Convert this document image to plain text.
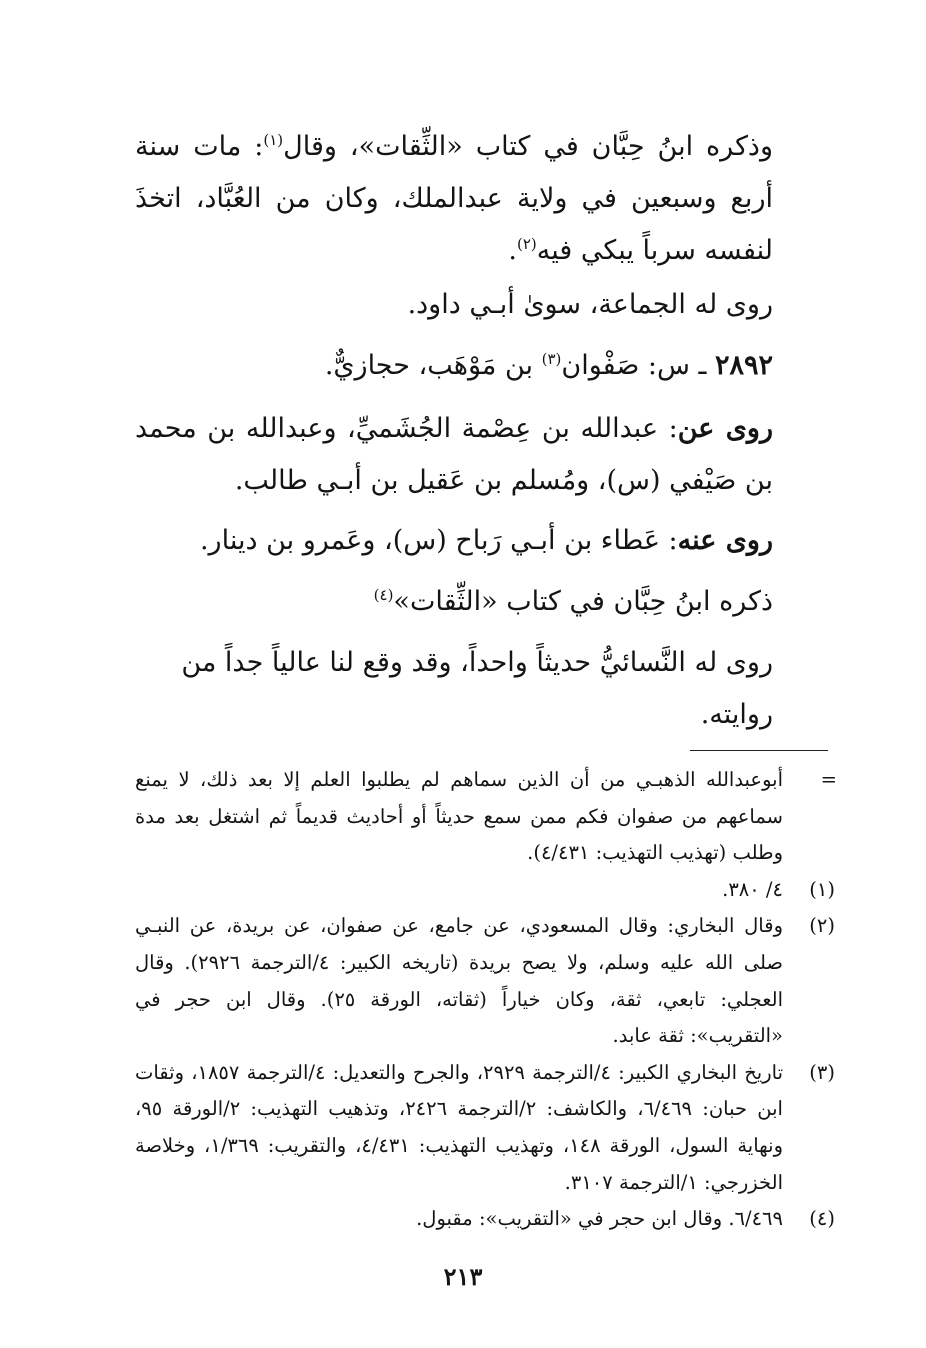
وذكره ابنُ حِبَّان في كتاب «الثِّقات»، وقال$^{(١)}$: مات سنة أربع وسبعين في ولاية عبدالملك، وكان من العُبَّاد، اتخذَ لنفسه سرباً يبكي فيه$^{(٢)}$.

روى له الجماعة، سوىٰ أبـي داود.

٢٨٩٢ ـ س: صَفْوان$^{(٣)}$ بن مَوْهَب، حجازيٌّ.

روى عن: عبدالله بن عِصْمة الجُشَميِّ، وعبدالله بن محمد بن صَيْفي (س)، ومُسلم بن عَقيل بن أبـي طالب.

روى عنه: عَطاء بن أبـي رَباح (س)، وعَمرو بن دينار.

ذكره ابنُ حِبَّان في كتاب «الثِّقات»$^{(٤)}$

روى له النَّسائيُّ حديثاً واحداً، وقد وقع لنا عالياً جداً من روايته.

=

أبوعبدالله الذهبـي من أن الذين سماهم لم يطلبوا العلم إلا بعد ذلك، لا يمنع سماعهم من صفوان فكم ممن سمع حديثاً أو أحاديث قديماً ثم اشتغل بعد مدة وطلب (تهذيب التهذيب: ٤/٤٣١).

(١)

٤/ ٣٨٠.

(٢)

وقال البخاري: وقال المسعودي، عن جامع، عن صفوان، عن بريدة، عن النبـي صلى الله عليه وسلم، ولا يصح بريدة (تاريخه الكبير: ٤/الترجمة ٢٩٢٦). وقال العجلي: تابعي، ثقة، وكان خياراً (ثقاته، الورقة ٢٥). وقال ابن حجر في «التقريب»: ثقة عابد.

(٣)

تاريخ البخاري الكبير: ٤/الترجمة ٢٩٢٩، والجرح والتعديل: ٤/الترجمة ١٨٥٧، وثقات ابن حبان: ٦/٤٦٩، والكاشف: ٢/الترجمة ٢٤٢٦، وتذهيب التهذيب: ٢/الورقة ٩٥، ونهاية السول، الورقة ١٤٨، وتهذيب التهذيب: ٤/٤٣١، والتقريب: ١/٣٦٩، وخلاصة الخزرجي: ١/الترجمة ٣١٠٧.

(٤)

٦/٤٦٩. وقال ابن حجر في «التقريب»: مقبول.

٢١٣
